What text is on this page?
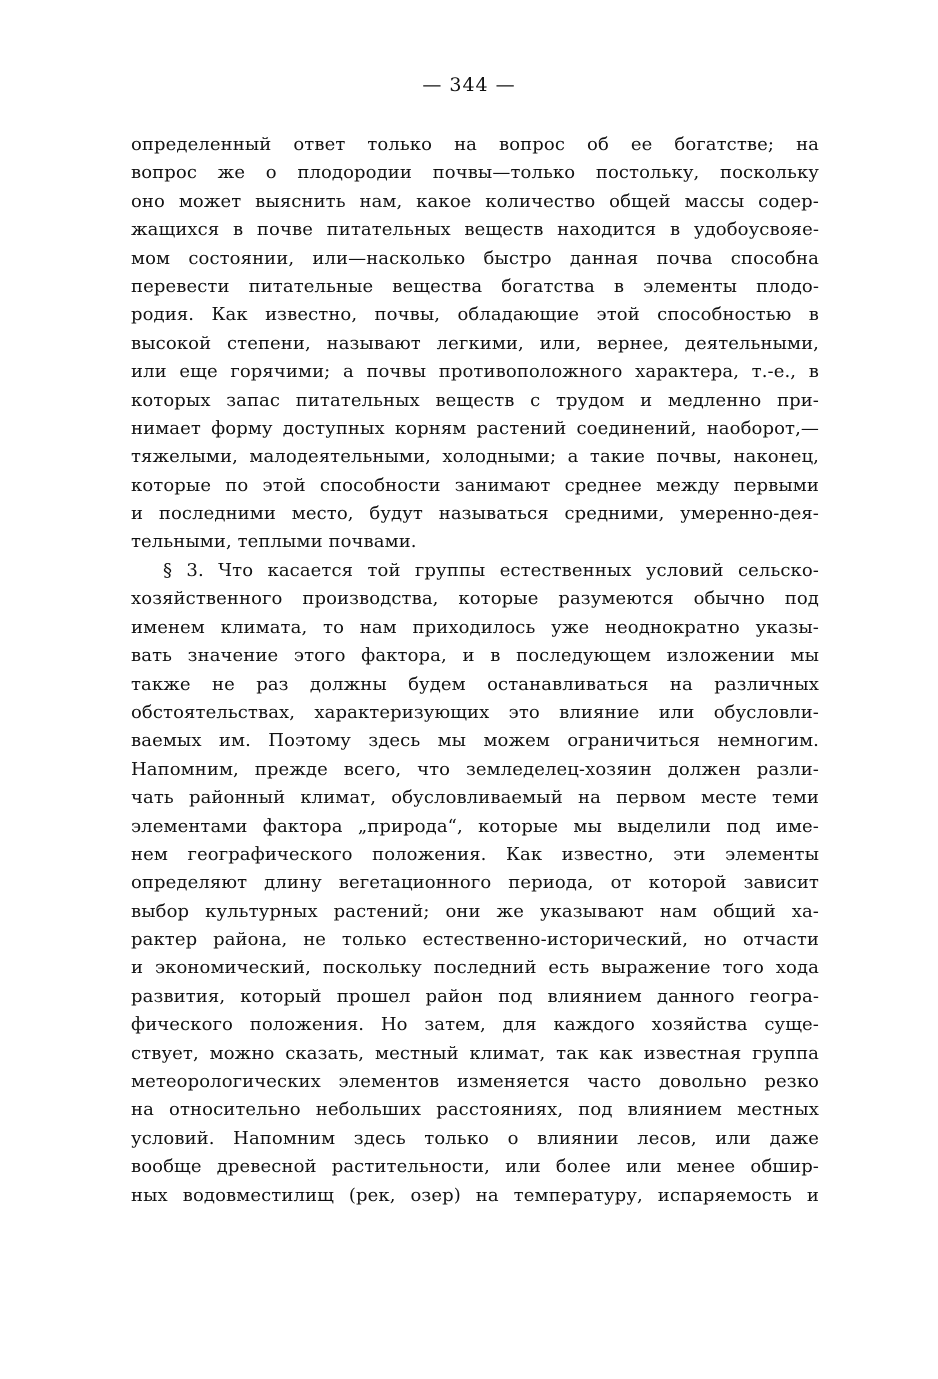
— 344 —
определенный ответ только на вопрос об ее богатстве; на
вопрос же о плодородии почвы—только постольку, поскольку
оно может выяснить нам, какое количество общей массы содер-
жащихся в почве питательных веществ находится в удобоусвояе-
мом состоянии, или—насколько быстро данная почва способна
перевести питательные вещества богатства в элементы плодо-
родия. Как известно, почвы, обладающие этой способностью в
высокой степени, называют легкими, или, вернее, деятельными,
или еще горячими; а почвы противоположного характера, т.-е., в
которых запас питательных веществ с трудом и медленно при-
нимает форму доступных корням растений соединений, наоборот,—
тяжелыми, малодеятельными, холодными; а такие почвы, наконец,
которые по этой способности занимают среднее между первыми
и последними место, будут называться средними, умеренно-дея-
тельными, теплыми почвами.
§ 3. Что касается той группы естественных условий сельско-
хозяйственного производства, которые разумеются обычно под
именем климата, то нам приходилось уже неоднократно указы-
вать значение этого фактора, и в последующем изложении мы
также не раз должны будем останавливаться на различных
обстоятельствах, характеризующих это влияние или обусловли-
ваемых им. Поэтому здесь мы можем ограничиться немногим.
Напомним, прежде всего, что земледелец-хозяин должен разли-
чать районный климат, обусловливаемый на первом месте теми
элементами фактора „природа“, которые мы выделили под име-
нем географического положения. Как известно, эти элементы
определяют длину вегетационного периода, от которой зависит
выбор культурных растений; они же указывают нам общий ха-
рактер района, не только естественно-исторический, но отчасти
и экономический, поскольку последний есть выражение того хода
развития, который прошел район под влиянием данного геогра-
фического положения. Но затем, для каждого хозяйства суще-
ствует, можно сказать, местный климат, так как известная группа
метеорологических элементов изменяется часто довольно резко
на относительно небольших расстояниях, под влиянием местных
условий. Напомним здесь только о влиянии лесов, или даже
вообще древесной растительности, или более или менее обшир-
ных водовместилищ (рек, озер) на температуру, испаряемость и
